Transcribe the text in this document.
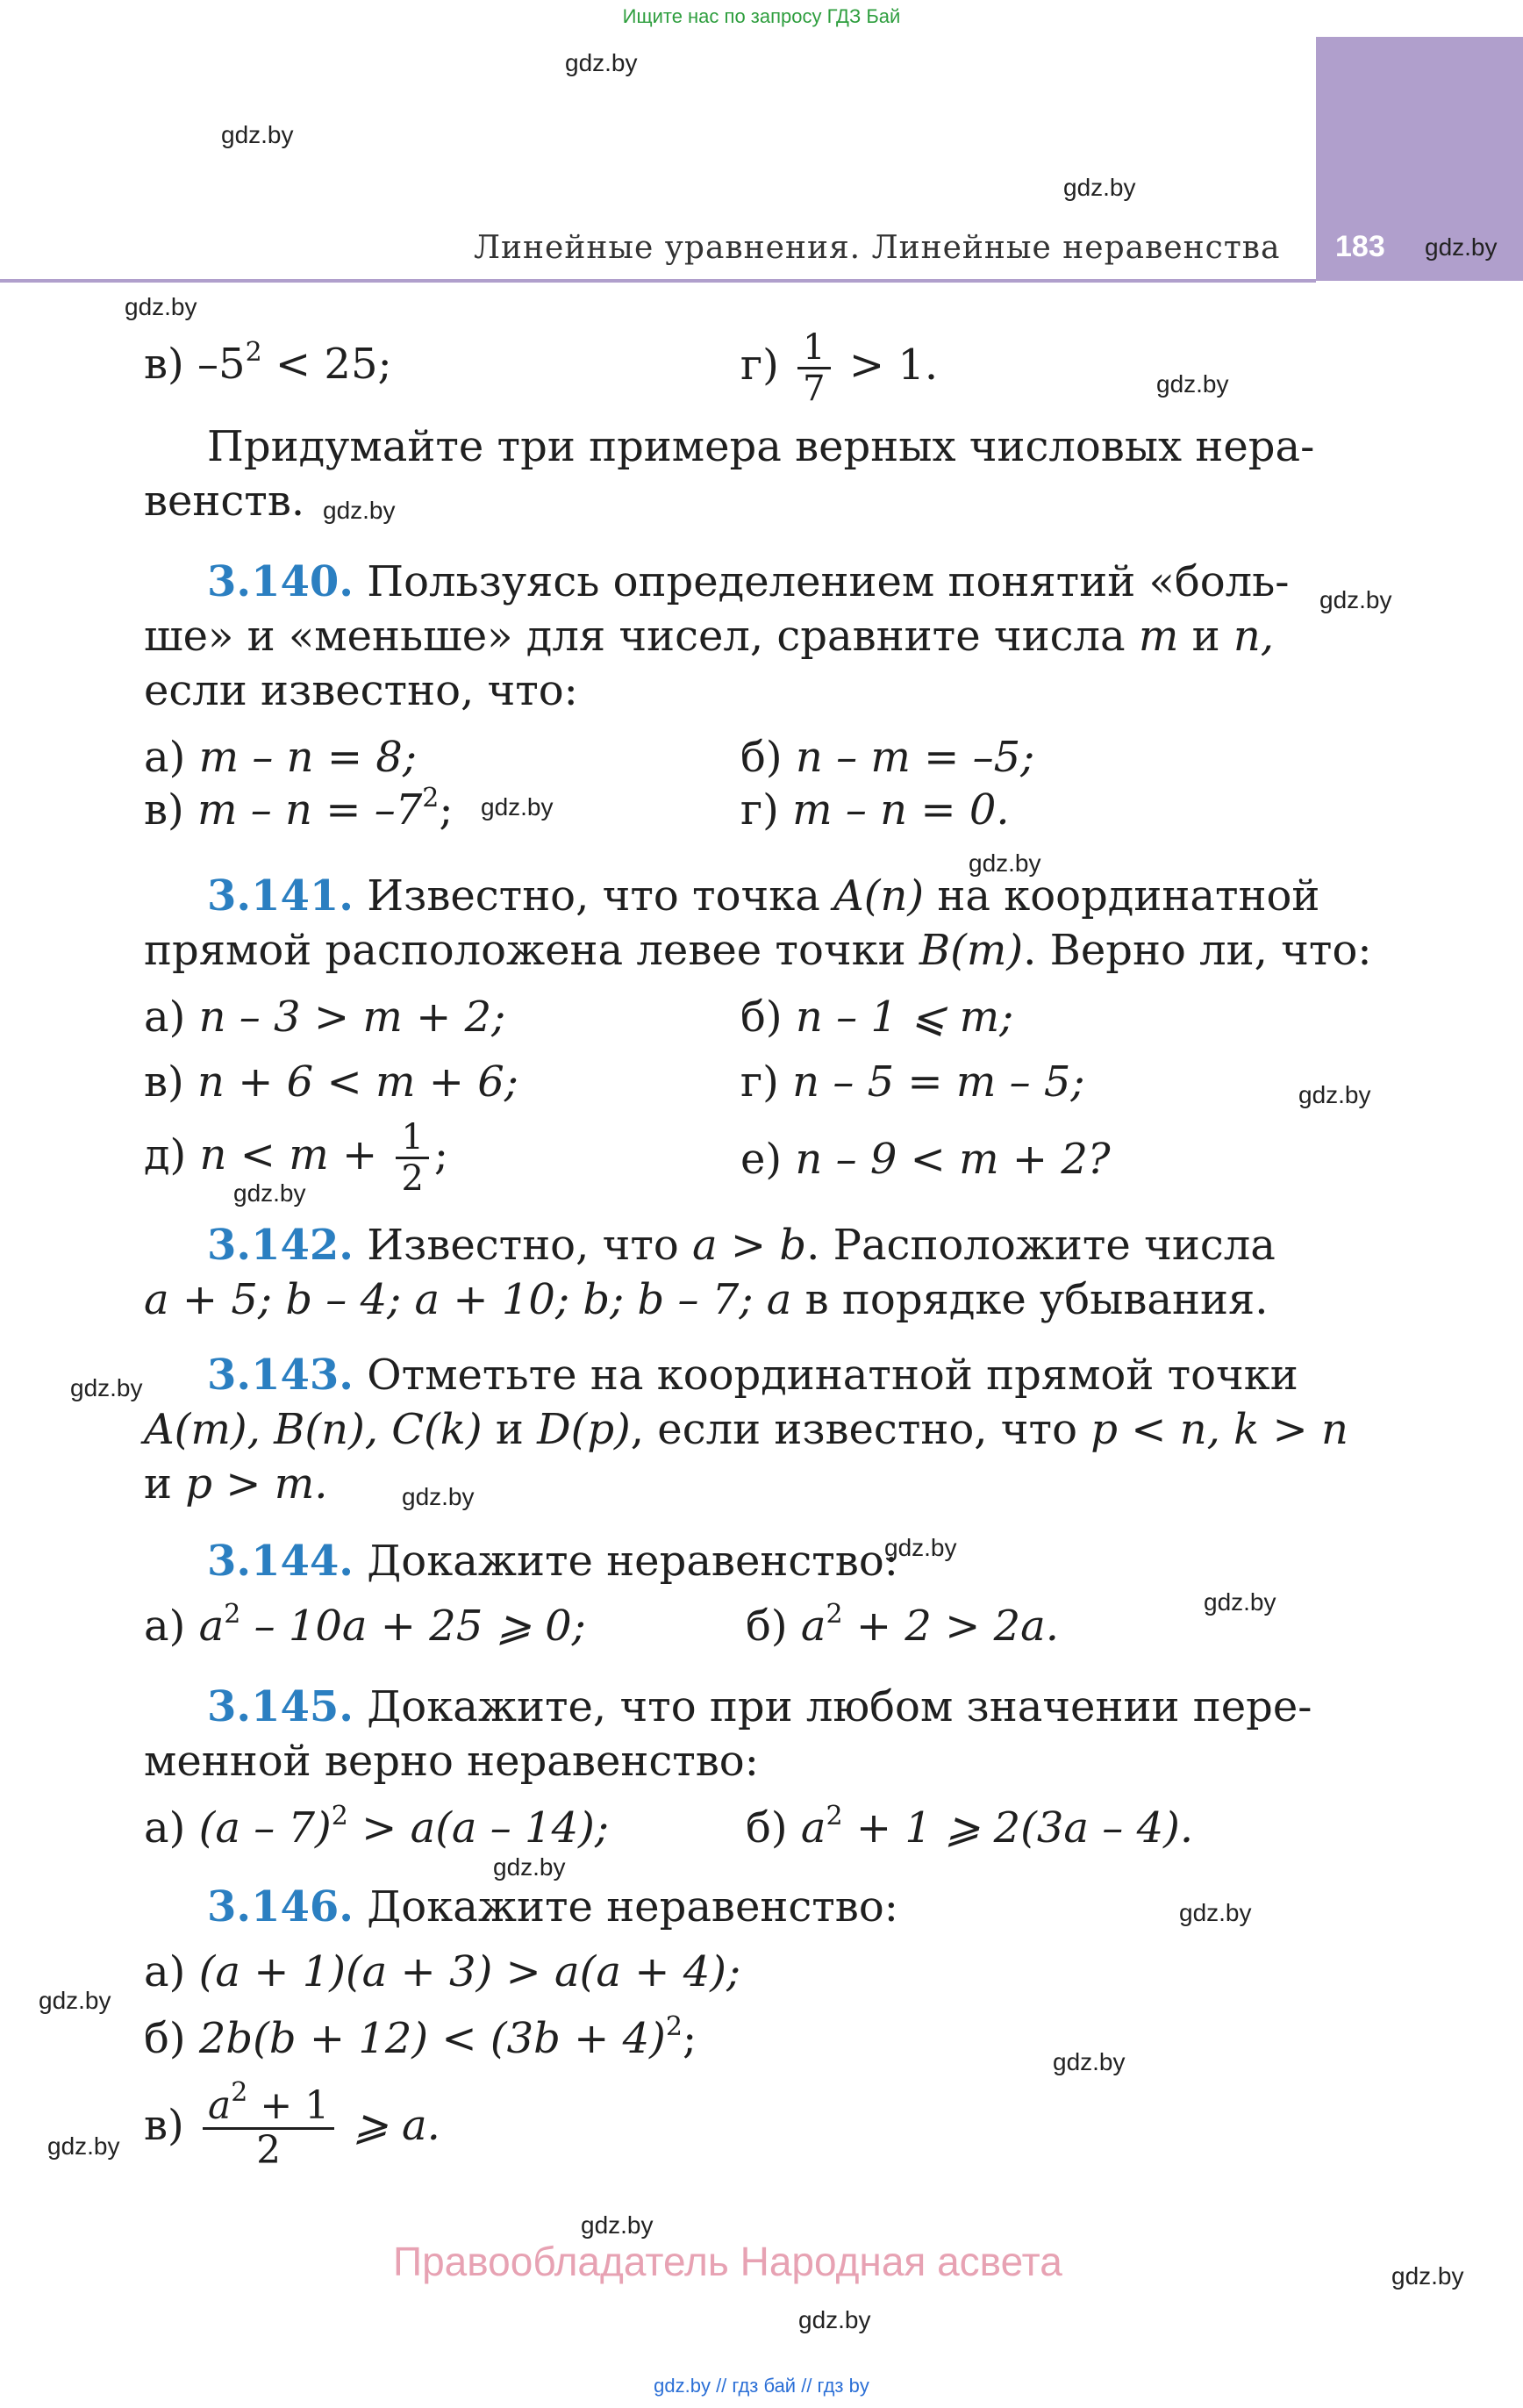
Ищите нас по запросу ГДЗ Бай
183
Линейные уравнения. Линейные неравенства
gdz.by
gdz.by
gdz.by
gdz.by
gdz.by
gdz.by
gdz.by
gdz.by
gdz.by
gdz.by
gdz.by
gdz.by
gdz.by
gdz.by
gdz.by
gdz.by
gdz.by
gdz.by
gdz.by
gdz.by
gdz.by
gdz.by
gdz.by
gdz.by
в) $-5^2 < 25$;	$г) \frac{1}{7} > 1$.
Придумайте три примера верных числовых нера-
венств.
3.140. Пользуясь определением понятий «боль-
ше» и «меньше» для чисел, сравните числа m и n,
если известно, что:
а) m – n = 8;	б) n – m = –5;
в) $m - n = -7^2$;	г) m – n = 0.
3.141. Известно, что точка A(n) на координатной
прямой расположена левее точки B(m). Верно ли, что:
а) n – 3 > m + 2;	б) n – 1 ⩽ m;
в) n + 6 < m + 6;	г) n – 5 = m – 5;
д) $n < m + \frac{1}{2}$ ;	е) n – 9 < m + 2?
3.142. Известно, что a > b. Расположите числа
a + 5; b – 4; a + 10; b; b – 7; a в порядке убывания.
3.143. Отметьте на координатной прямой точки
A(m), B(n), C(k) и D(p), если известно, что p < n, k > n
и p > m.
3.144. Докажите неравенство:
а) $a^2 - 10a + 25$ ⩾ 0;	б) $a^2 + 2 > 2a$.
3.145. Докажите, что при любом значении пере-
менной верно неравенство:
а) (a – 7)$^2$ > a(a – 14);	б) $a^2 + 1$ ⩾ 2(3a – 4).
3.146. Докажите неравенство:
а) (a + 1)(a + 3) > a(a + 4);
б) $2b(b + 12) < (3b + 4)^2$;
$в) \frac{a^2 + 1}{2}$ ⩾ a.
Правообладатель Народная асвета
gdz.by // гдз бай // гдз by
